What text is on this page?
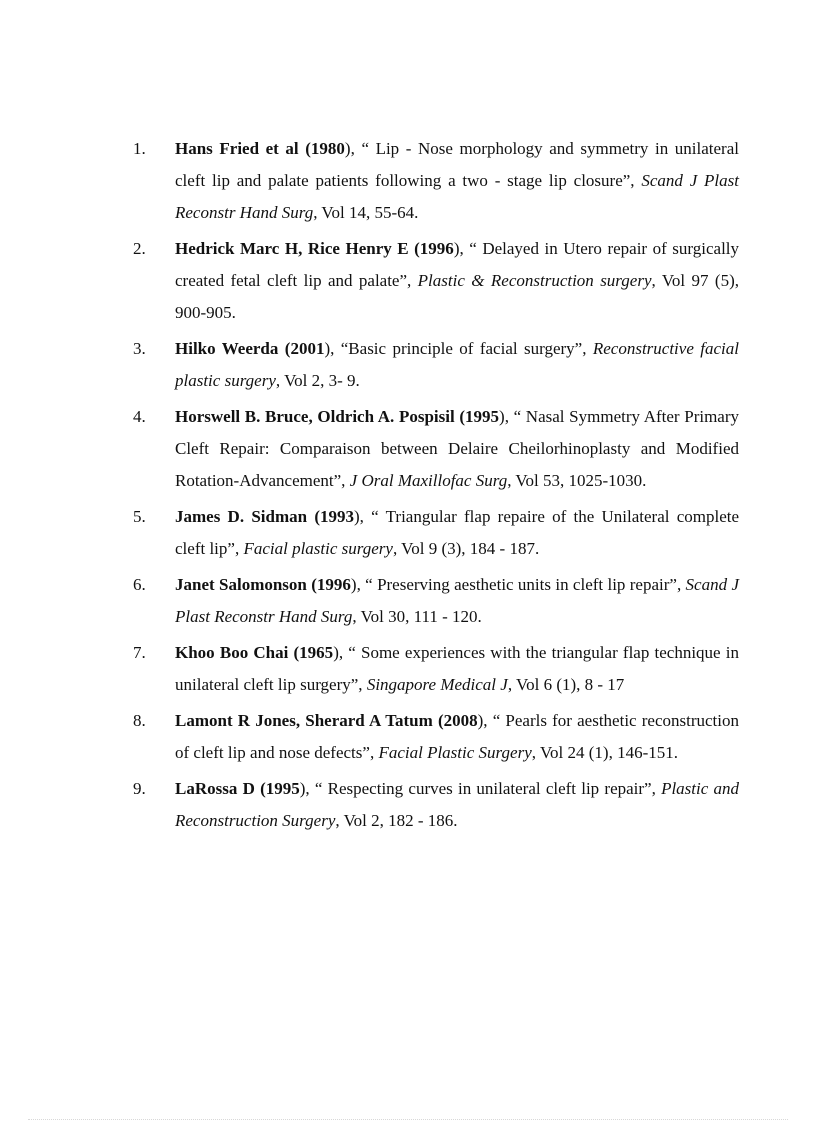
1.	Hans Fried et al (1980), “ Lip - Nose morphology and symmetry in unilateral cleft lip and palate patients following a two - stage lip closure”, Scand J Plast Reconstr Hand Surg, Vol 14, 55-64.
2.	Hedrick Marc H, Rice Henry E (1996), “ Delayed in Utero repair of surgically created fetal cleft lip and palate”, Plastic & Reconstruction surgery, Vol 97 (5), 900-905.
3.	Hilko Weerda (2001), “Basic principle of facial surgery”, Reconstructive facial plastic surgery, Vol 2, 3- 9.
4.	Horswell B. Bruce, Oldrich A. Pospisil (1995), “ Nasal Symmetry After Primary Cleft Repair: Comparaison between Delaire Cheilorhinoplasty and Modified Rotation-Advancement”, J Oral Maxillofac Surg, Vol 53, 1025-1030.
5.	James D. Sidman (1993), “ Triangular flap repaire of the Unilateral complete cleft lip”, Facial plastic surgery, Vol 9 (3), 184 - 187.
6.	Janet Salomonson (1996), “ Preserving aesthetic units in cleft lip repair”, Scand J Plast Reconstr Hand Surg, Vol 30, 111 - 120.
7.	Khoo Boo Chai (1965), “ Some experiences with the triangular flap technique in unilateral cleft lip surgery”, Singapore Medical J, Vol 6 (1), 8 - 17
8.	Lamont R Jones, Sherard A Tatum (2008), “ Pearls for aesthetic reconstruction of cleft lip and nose defects”, Facial Plastic Surgery, Vol 24 (1), 146-151.
9.	LaRossa D (1995), “ Respecting curves in unilateral cleft lip repair”, Plastic and Reconstruction Surgery, Vol 2, 182 - 186.
